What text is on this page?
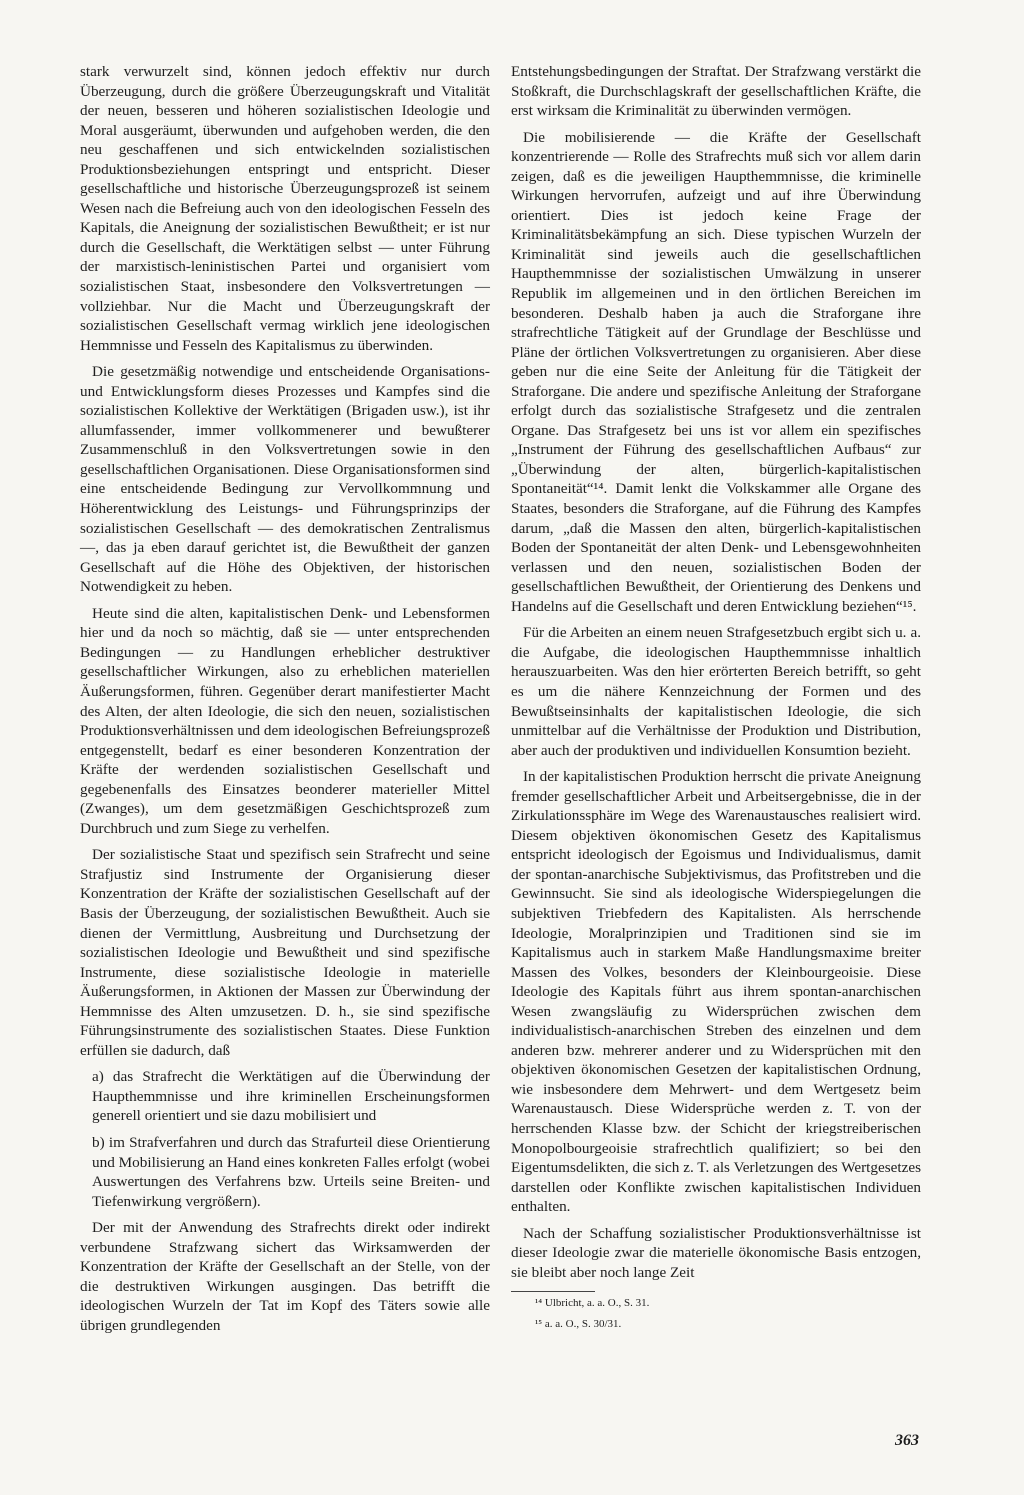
stark verwurzelt sind, können jedoch effektiv nur durch Überzeugung, durch die größere Überzeugungskraft und Vitalität der neuen, besseren und höheren sozialistischen Ideologie und Moral ausgeräumt, überwunden und aufgehoben werden, die den neu geschaffenen und sich entwickelnden sozialistischen Produktionsbeziehungen entspringt und entspricht. Dieser gesellschaftliche und historische Überzeugungsprozeß ist seinem Wesen nach die Befreiung auch von den ideologischen Fesseln des Kapitals, die Aneignung der sozialistischen Bewußtheit; er ist nur durch die Gesellschaft, die Werktätigen selbst — unter Führung der marxistisch-leninistischen Partei und organisiert vom sozialistischen Staat, insbesondere den Volksvertretungen — vollziehbar. Nur die Macht und Überzeugungskraft der sozialistischen Gesellschaft vermag wirklich jene ideologischen Hemmnisse und Fesseln des Kapitalismus zu überwinden.

Die gesetzmäßig notwendige und entscheidende Organisations- und Entwicklungsform dieses Prozesses und Kampfes sind die sozialistischen Kollektive der Werktätigen (Brigaden usw.), ist ihr allumfassender, immer vollkommenerer und bewußterer Zusammenschluß in den Volksvertretungen sowie in den gesellschaftlichen Organisationen. Diese Organisationsformen sind eine entscheidende Bedingung zur Vervollkommnung und Höherentwicklung des Leistungs- und Führungsprinzips der sozialistischen Gesellschaft — des demokratischen Zentralismus —, das ja eben darauf gerichtet ist, die Bewußtheit der ganzen Gesellschaft auf die Höhe des Objektiven, der historischen Notwendigkeit zu heben.

Heute sind die alten, kapitalistischen Denk- und Lebensformen hier und da noch so mächtig, daß sie — unter entsprechenden Bedingungen — zu Handlungen erheblicher destruktiver gesellschaftlicher Wirkungen, also zu erheblichen materiellen Äußerungsformen, führen. Gegenüber derart manifestierter Macht des Alten, der alten Ideologie, die sich den neuen, sozialistischen Produktionsverhältnissen und dem ideologischen Befreiungsprozeß entgegenstellt, bedarf es einer besonderen Konzentration der Kräfte der werdenden sozialistischen Gesellschaft und gegebenenfalls des Einsatzes beonderer materieller Mittel (Zwanges), um dem gesetzmäßigen Geschichtsprozeß zum Durchbruch und zum Siege zu verhelfen.

Der sozialistische Staat und spezifisch sein Strafrecht und seine Strafjustiz sind Instrumente der Organisierung dieser Konzentration der Kräfte der sozialistischen Gesellschaft auf der Basis der Überzeugung, der sozialistischen Bewußtheit. Auch sie dienen der Vermittlung, Ausbreitung und Durchsetzung der sozialistischen Ideologie und Bewußtheit und sind spezifische Instrumente, diese sozialistische Ideologie in materielle Äußerungsformen, in Aktionen der Massen zur Überwindung der Hemmnisse des Alten umzusetzen. D. h., sie sind spezifische Führungsinstrumente des sozialistischen Staates. Diese Funktion erfüllen sie dadurch, daß

a) das Strafrecht die Werktätigen auf die Überwindung der Haupthemmnisse und ihre kriminellen Erscheinungsformen generell orientiert und sie dazu mobilisiert und

b) im Strafverfahren und durch das Strafurteil diese Orientierung und Mobilisierung an Hand eines konkreten Falles erfolgt (wobei Auswertungen des Verfahrens bzw. Urteils seine Breiten- und Tiefenwirkung vergrößern).

Der mit der Anwendung des Strafrechts direkt oder indirekt verbundene Strafzwang sichert das Wirksamwerden der Konzentration der Kräfte der Gesellschaft an der Stelle, von der die destruktiven Wirkungen ausgingen. Das betrifft die ideologischen Wurzeln der Tat im Kopf des Täters sowie alle übrigen grundlegenden

Entstehungsbedingungen der Straftat. Der Strafzwang verstärkt die Stoßkraft, die Durchschlagskraft der gesellschaftlichen Kräfte, die erst wirksam die Kriminalität zu überwinden vermögen.

Die mobilisierende — die Kräfte der Gesellschaft konzentrierende — Rolle des Strafrechts muß sich vor allem darin zeigen, daß es die jeweiligen Haupthemmnisse, die kriminelle Wirkungen hervorrufen, aufzeigt und auf ihre Überwindung orientiert. Dies ist jedoch keine Frage der Kriminalitätsbekämpfung an sich. Diese typischen Wurzeln der Kriminalität sind jeweils auch die gesellschaftlichen Haupthemmnisse der sozialistischen Umwälzung in unserer Republik im allgemeinen und in den örtlichen Bereichen im besonderen. Deshalb haben ja auch die Straforgane ihre strafrechtliche Tätigkeit auf der Grundlage der Beschlüsse und Pläne der örtlichen Volksvertretungen zu organisieren. Aber diese geben nur die eine Seite der Anleitung für die Tätigkeit der Straforgane. Die andere und spezifische Anleitung der Straforgane erfolgt durch das sozialistische Strafgesetz und die zentralen Organe. Das Strafgesetz bei uns ist vor allem ein spezifisches „Instrument der Führung des gesellschaftlichen Aufbaus“ zur „Überwindung der alten, bürgerlich-kapitalistischen Spontaneität“¹⁴. Damit lenkt die Volkskammer alle Organe des Staates, besonders die Straforgane, auf die Führung des Kampfes darum, „daß die Massen den alten, bürgerlich-kapitalistischen Boden der Spontaneität der alten Denk- und Lebensgewohnheiten verlassen und den neuen, sozialistischen Boden der gesellschaftlichen Bewußtheit, der Orientierung des Denkens und Handelns auf die Gesellschaft und deren Entwicklung beziehen“¹⁵.

Für die Arbeiten an einem neuen Strafgesetzbuch ergibt sich u. a. die Aufgabe, die ideologischen Haupthemmnisse inhaltlich herauszuarbeiten. Was den hier erörterten Bereich betrifft, so geht es um die nähere Kennzeichnung der Formen und des Bewußtseinsinhalts der kapitalistischen Ideologie, die sich unmittelbar auf die Verhältnisse der Produktion und Distribution, aber auch der produktiven und individuellen Konsumtion bezieht.

In der kapitalistischen Produktion herrscht die private Aneignung fremder gesellschaftlicher Arbeit und Arbeitsergebnisse, die in der Zirkulationssphäre im Wege des Warenaustausches realisiert wird. Diesem objektiven ökonomischen Gesetz des Kapitalismus entspricht ideologisch der Egoismus und Individualismus, damit der spontan-anarchische Subjektivismus, das Profitstreben und die Gewinnsucht. Sie sind als ideologische Widerspiegelungen die subjektiven Triebfedern des Kapitalisten. Als herrschende Ideologie, Moralprinzipien und Traditionen sind sie im Kapitalismus auch in starkem Maße Handlungsmaxime breiter Massen des Volkes, besonders der Kleinbourgeoisie. Diese Ideologie des Kapitals führt aus ihrem spontan-anarchischen Wesen zwangsläufig zu Widersprüchen zwischen dem individualistisch-anarchischen Streben des einzelnen und dem anderen bzw. mehrerer anderer und zu Widersprüchen mit den objektiven ökonomischen Gesetzen der kapitalistischen Ordnung, wie insbesondere dem Mehrwert- und dem Wertgesetz beim Warenaustausch. Diese Widersprüche werden z. T. von der herrschenden Klasse bzw. der Schicht der kriegstreiberischen Monopolbourgeoisie strafrechtlich qualifiziert; so bei den Eigentumsdelikten, die sich z. T. als Verletzungen des Wertgesetzes darstellen oder Konflikte zwischen kapitalistischen Individuen enthalten.

Nach der Schaffung sozialistischer Produktionsverhältnisse ist dieser Ideologie zwar die materielle ökonomische Basis entzogen, sie bleibt aber noch lange Zeit

¹⁴ Ulbricht, a. a. O., S. 31.

¹⁵ a. a. O., S. 30/31.

363
